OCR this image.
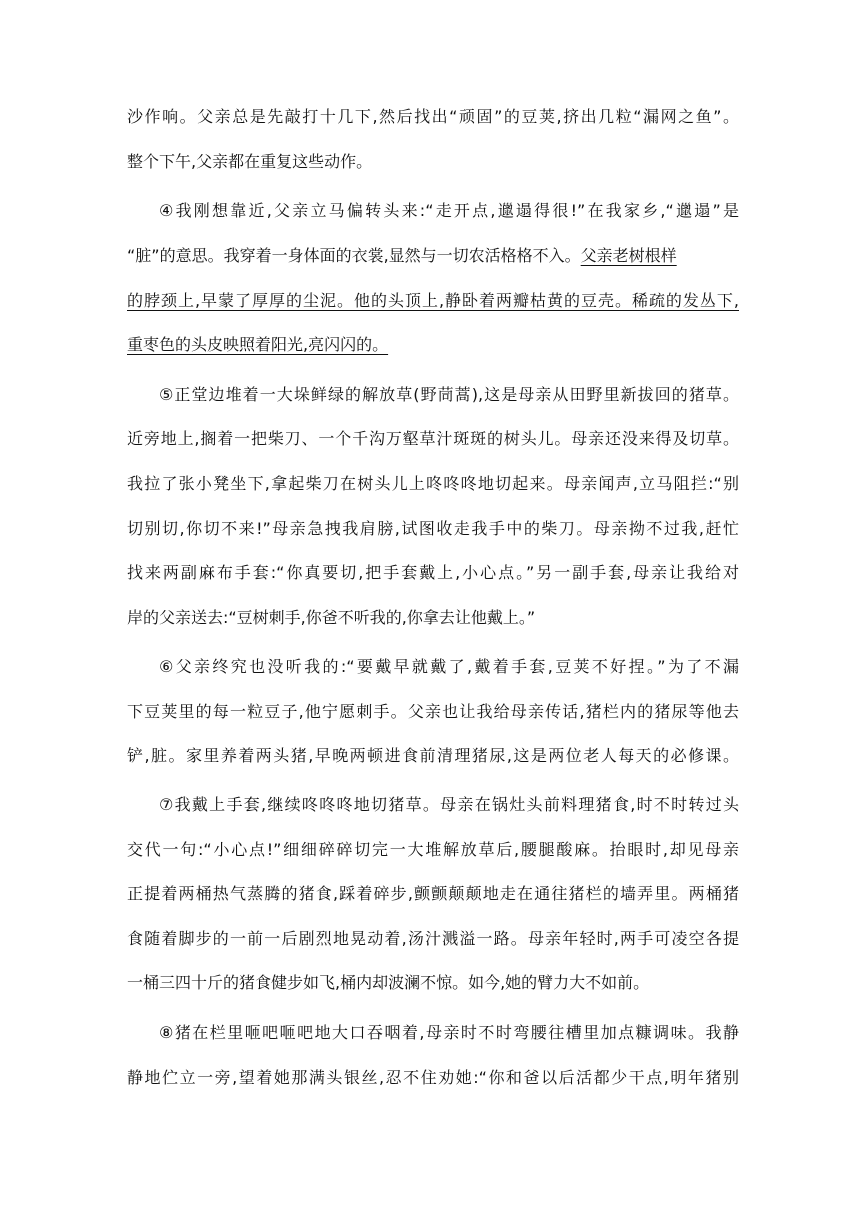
沙作响。父亲总是先敲打十几下,然后找出“顽固”的豆荚,挤出几粒“漏网之鱼”。
整个下午,父亲都在重复这些动作。
④我刚想靠近,父亲立马偏转头来:“走开点,邋遢得很!”在我家乡,“邋遢”是
“脏”的意思。我穿着一身体面的衣裳,显然与一切农活格格不入。父亲老树根样
的脖颈上,早蒙了厚厚的尘泥。他的头顶上,静卧着两瓣枯黄的豆壳。稀疏的发丛下,
重枣色的头皮映照着阳光,亮闪闪的。
⑤正堂边堆着一大垛鲜绿的解放草(野茼蒿),这是母亲从田野里新拔回的猪草。
近旁地上,搁着一把柴刀、一个千沟万壑草汁斑斑的树头儿。母亲还没来得及切草。
我拉了张小凳坐下,拿起柴刀在树头儿上咚咚咚地切起来。母亲闻声,立马阻拦:“别
切别切,你切不来!”母亲急拽我肩膀,试图收走我手中的柴刀。母亲拗不过我,赶忙
找来两副麻布手套:“你真要切,把手套戴上,小心点。”另一副手套,母亲让我给对
岸的父亲送去:“豆树刺手,你爸不听我的,你拿去让他戴上。”
⑥父亲终究也没听我的:“要戴早就戴了,戴着手套,豆荚不好捏。”为了不漏
下豆荚里的每一粒豆子,他宁愿刺手。父亲也让我给母亲传话,猪栏内的猪尿等他去
铲,脏。家里养着两头猪,早晚两顿进食前清理猪尿,这是两位老人每天的必修课。
⑦我戴上手套,继续咚咚咚地切猪草。母亲在锅灶头前料理猪食,时不时转过头
交代一句:“小心点!”细细碎碎切完一大堆解放草后,腰腿酸麻。抬眼时,却见母亲
正提着两桶热气蒸腾的猪食,踩着碎步,颤颤颠颠地走在通往猪栏的墙弄里。两桶猪
食随着脚步的一前一后剧烈地晃动着,汤汁溅溢一路。母亲年轻时,两手可凌空各提
一桶三四十斤的猪食健步如飞,桶内却波澜不惊。如今,她的臂力大不如前。
⑧猪在栏里咂吧咂吧地大口吞咽着,母亲时不时弯腰往槽里加点糠调味。我静
静地伫立一旁,望着她那满头银丝,忍不住劝她:“你和爸以后活都少干点,明年猪别
